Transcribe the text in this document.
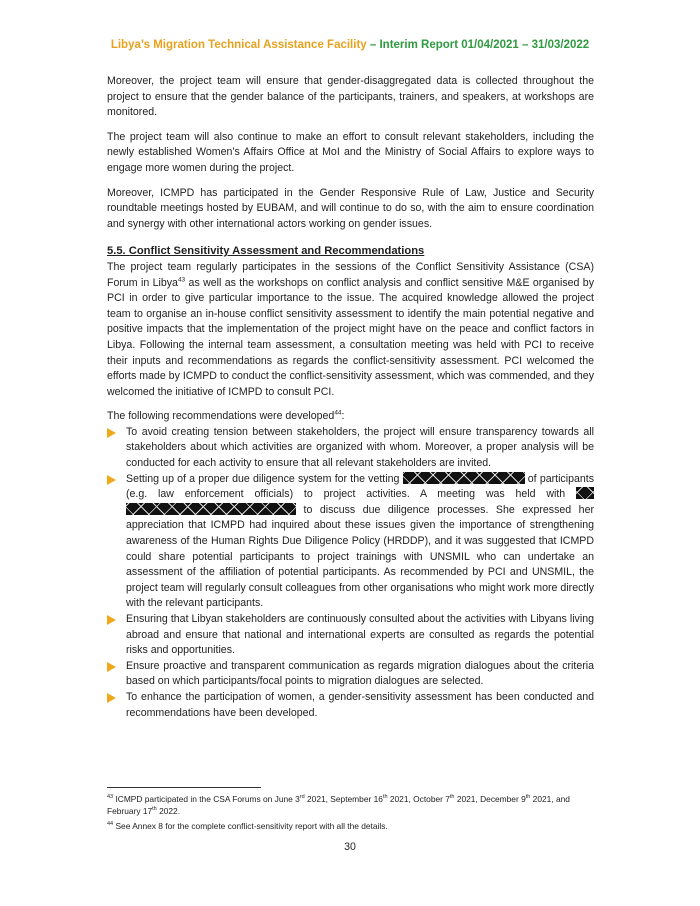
Libya’s Migration Technical Assistance Facility – Interim Report 01/04/2021 – 31/03/2022

Moreover, the project team will ensure that gender-disaggregated data is collected throughout the project to ensure that the gender balance of the participants, trainers, and speakers, at workshops are monitored.

The project team will also continue to make an effort to consult relevant stakeholders, including the newly established Women’s Affairs Office at MoI and the Ministry of Social Affairs to explore ways to engage more women during the project.

Moreover, ICMPD has participated in the Gender Responsive Rule of Law, Justice and Security roundtable meetings hosted by EUBAM, and will continue to do so, with the aim to ensure coordination and synergy with other international actors working on gender issues.

5.5. Conflict Sensitivity Assessment and Recommendations

The project team regularly participates in the sessions of the Conflict Sensitivity Assistance (CSA) Forum in Libya$^{43}$ as well as the workshops on conflict analysis and conflict sensitive M&E organised by PCI in order to give particular importance to the issue. The acquired knowledge allowed the project team to organise an in-house conflict sensitivity assessment to identify the main potential negative and positive impacts that the implementation of the project might have on the peace and conflict factors in Libya. Following the internal team assessment, a consultation meeting was held with PCI to receive their inputs and recommendations as regards the conflict-sensitivity assessment. PCI welcomed the efforts made by ICMPD to conduct the conflict-sensitivity assessment, which was commended, and they welcomed the initiative of ICMPD to consult PCI.

The following recommendations were developed$^{44}$:

To avoid creating tension between stakeholders, the project will ensure transparency towards all stakeholders about which activities are organized with whom. Moreover, a proper analysis will be conducted for each activity to ensure that all relevant stakeholders are invited.
Setting up of a proper due diligence system for the vetting	of participants (e.g. law enforcement officials) to project activities. A meeting was held with   to discuss due diligence processes. She expressed her appreciation that ICMPD had inquired about these issues given the importance of strengthening awareness of the Human Rights Due Diligence Policy (HRDDP), and it was suggested that ICMPD could share potential participants to project trainings with UNSMIL who can undertake an assessment of the affiliation of potential participants. As recommended by PCI and UNSMIL, the project team will regularly consult colleagues from other organisations who might work more directly with the relevant participants.
Ensuring that Libyan stakeholders are continuously consulted about the activities with Libyans living abroad and ensure that national and international experts are consulted as regards the potential risks and opportunities.
Ensure proactive and transparent communication as regards migration dialogues about the criteria based on which participants/focal points to migration dialogues are selected.
To enhance the participation of women, a gender-sensitivity assessment has been conducted and recommendations have been developed.

$^{43}$ ICMPD participated in the CSA Forums on June 3rd 2021, September 16th 2021, October 7th 2021, December 9th 2021, and February 17th 2022.

$^{44}$ See Annex 8 for the complete conflict-sensitivity report with all the details.

30
